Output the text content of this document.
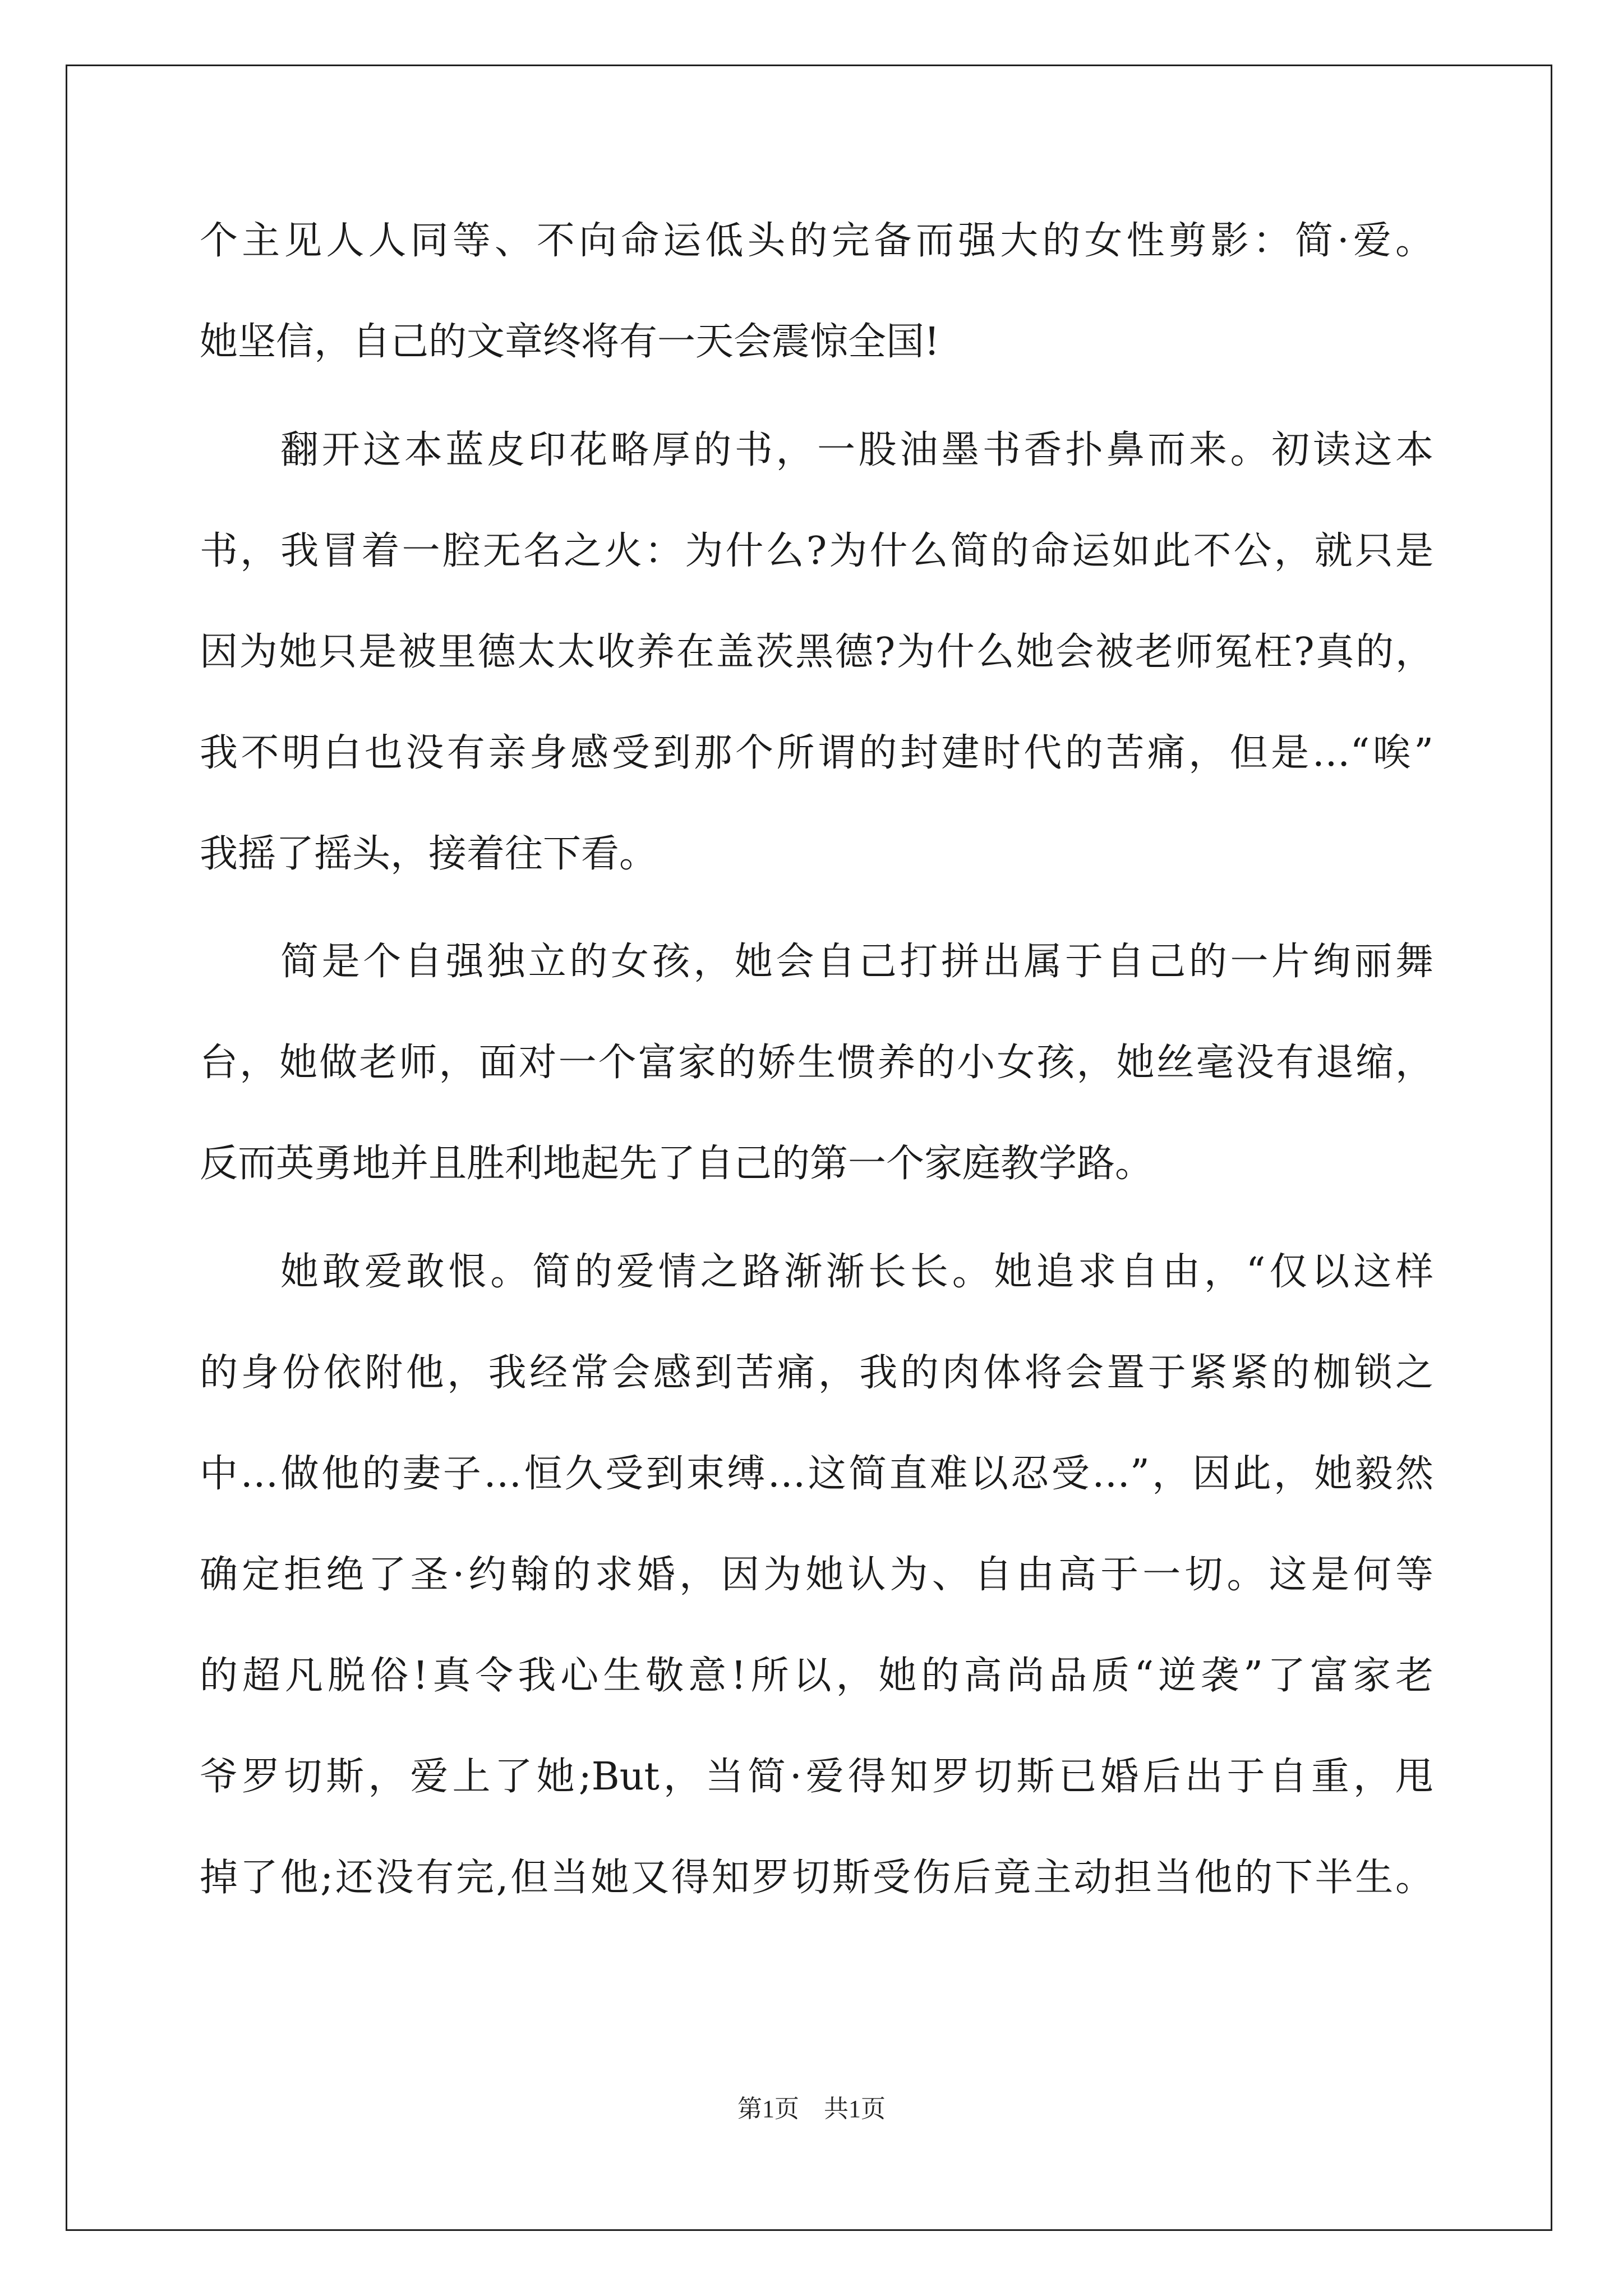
个主见人人同等、不向命运低头的完备而强大的女性剪影：简·爱。
她坚信，自己的文章终将有一天会震惊全国!
翻开这本蓝皮印花略厚的书，一股油墨书香扑鼻而来。初读这本
书，我冒着一腔无名之火：为什么?为什么简的命运如此不公，就只是
因为她只是被里德太太收养在盖茨黑德?为什么她会被老师冤枉?真的，
我不明白也没有亲身感受到那个所谓的封建时代的苦痛，但是…“唉”
我摇了摇头，接着往下看。
简是个自强独立的女孩，她会自己打拼出属于自己的一片绚丽舞
台，她做老师，面对一个富家的娇生惯养的小女孩，她丝毫没有退缩，
反而英勇地并且胜利地起先了自己的第一个家庭教学路。
她敢爱敢恨。简的爱情之路渐渐长长。她追求自由，“仅以这样
的身份依附他，我经常会感到苦痛，我的肉体将会置于紧紧的枷锁之
中…做他的妻子…恒久受到束缚…这简直难以忍受…”，因此，她毅然
确定拒绝了圣·约翰的求婚，因为她认为、自由高于一切。这是何等
的超凡脱俗!真令我心生敬意!所以，她的高尚品质“逆袭”了富家老
爷罗切斯，爱上了她;But，当简·爱得知罗切斯已婚后出于自重，甩
掉了他;还没有完,但当她又得知罗切斯受伤后竟主动担当他的下半生。
第1页　共1页
